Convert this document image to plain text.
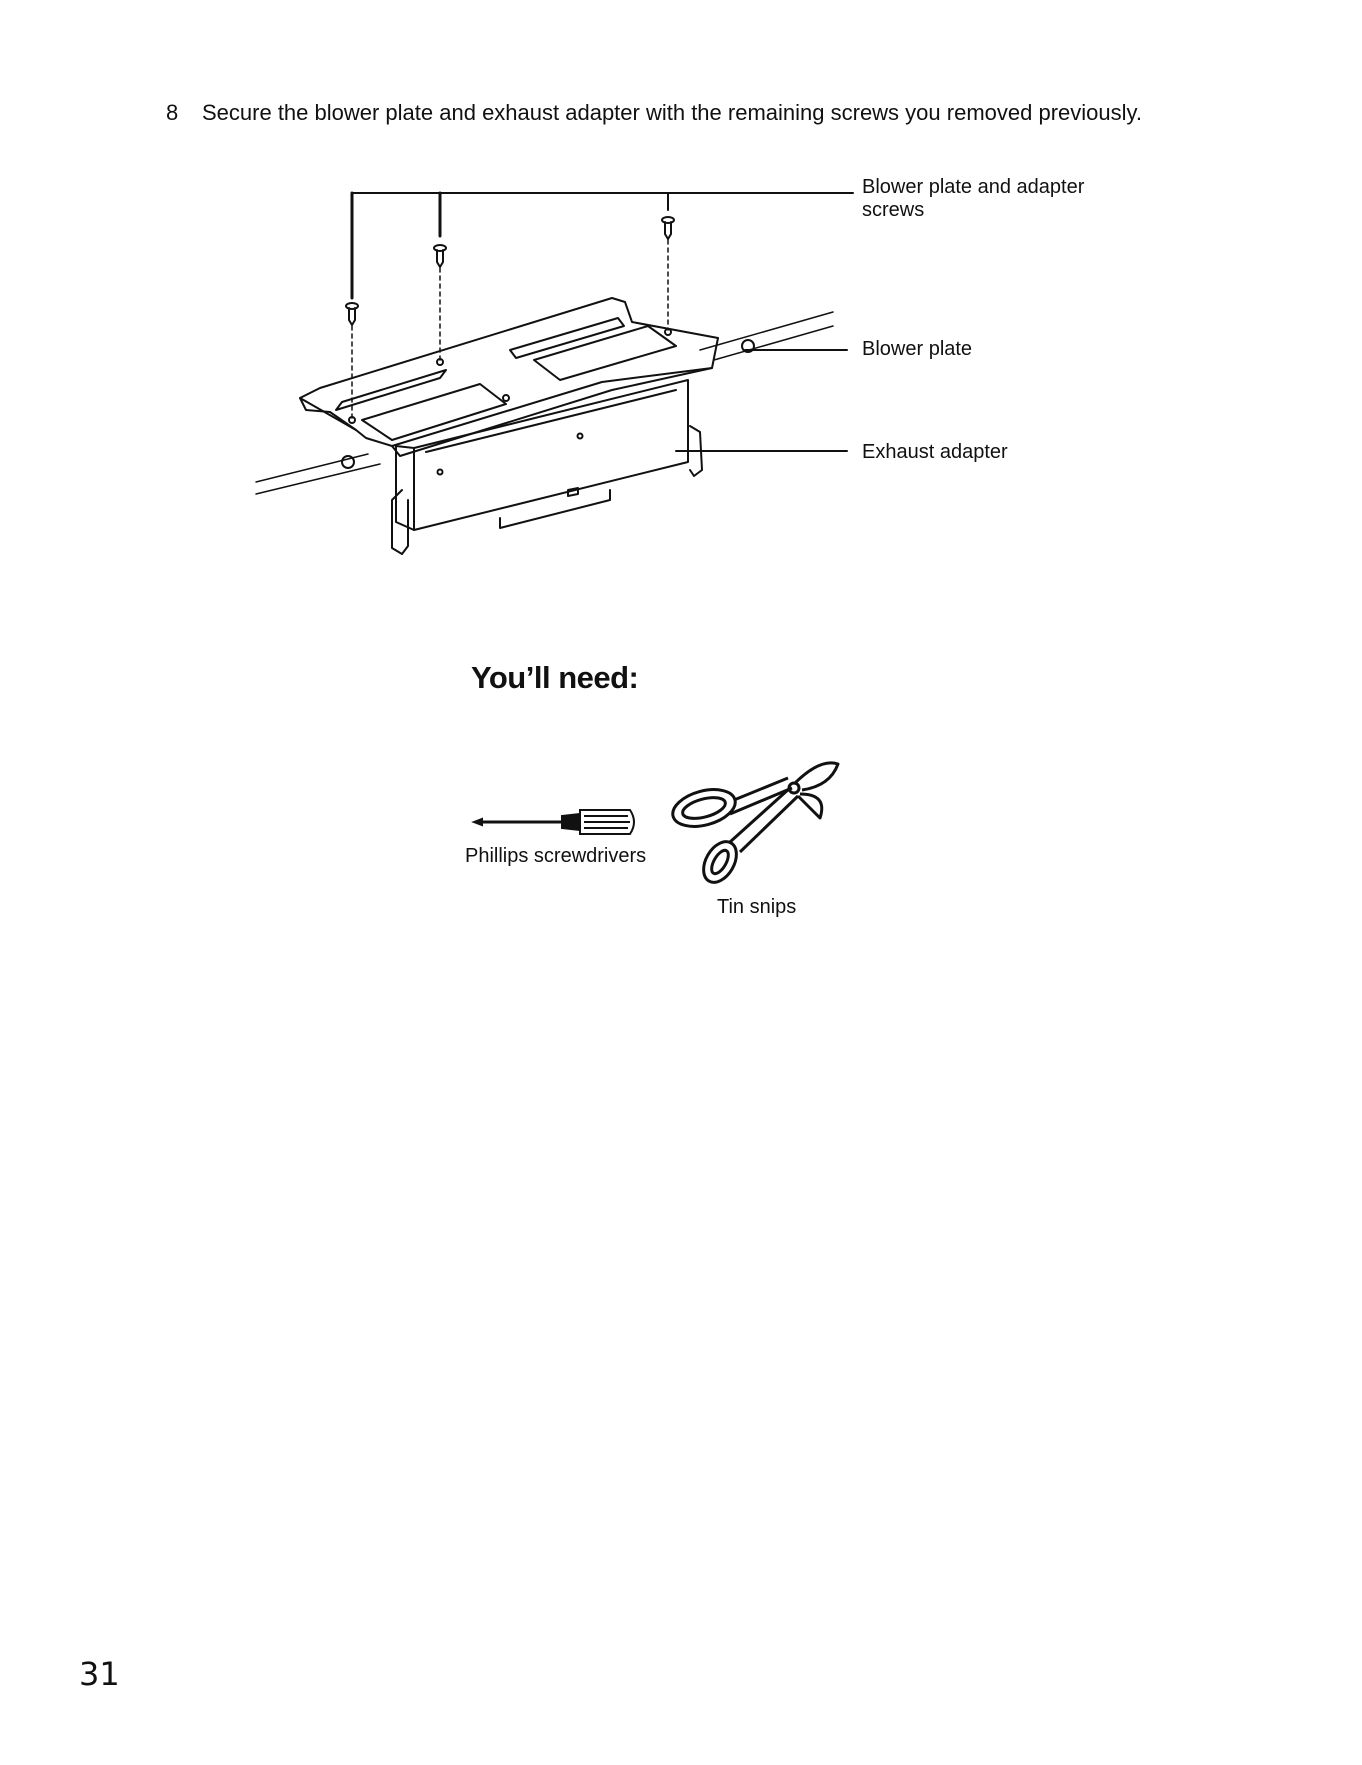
8 Secure the blower plate and exhaust adapter with the remaining screws you removed previously.
Blower plate and adapter
screws
Blower plate
Exhaust adapter
You’ll need:
Phillips screwdrivers
Tin snips
31
